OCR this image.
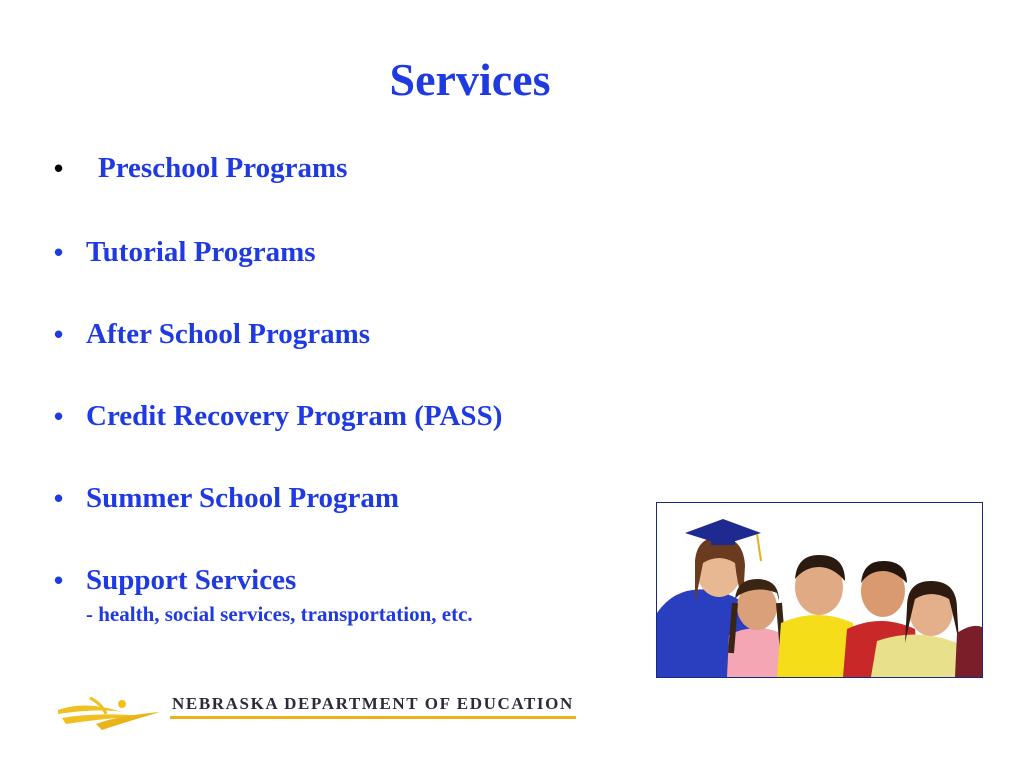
Services
• Preschool Programs
• Tutorial Programs
• After School Programs
• Credit Recovery Program (PASS)
• Summer School Program
• Support Services
- health, social services, transportation, etc.
NEBRASKA DEPARTMENT OF EDUCATION
